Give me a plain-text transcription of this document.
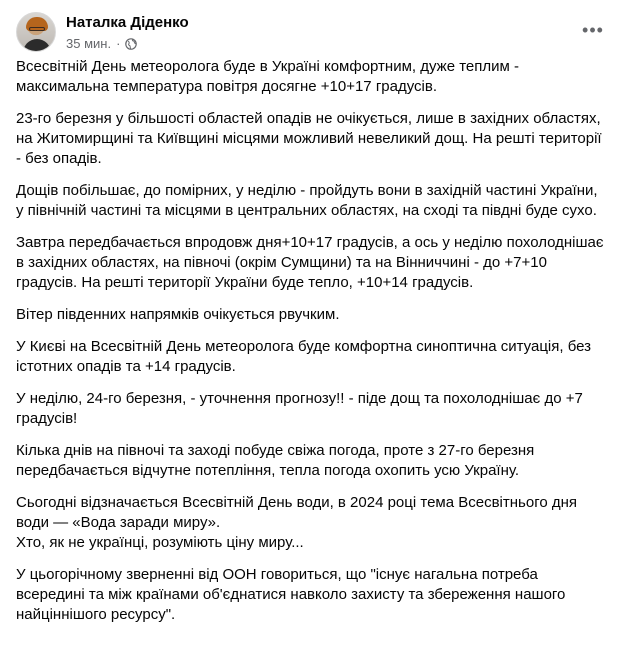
Наталка Діденко
35 мин. ·
•••

Всесвітній День метеоролога буде в Україні комфортним, дуже теплим - максимальна температура повітря досягне +10+17 градусів.

23-го березня у більшості областей опадів не очікується, лише в західних областях, на Житомирщині та Київщині місцями можливий невеликий дощ. На решті території - без опадів.

Дощів побільшає, до помірних, у неділю - пройдуть вони в західній частині України, у північній частині та місцями в центральних областях, на сході та півдні буде сухо.

Завтра передбачається впродовж дня+10+17 градусів, а ось у неділю похолоднішає в західних областях, на півночі (окрім Сумщини) та на Вінниччині - до +7+10 градусів. На решті території України буде тепло, +10+14 градусів.

Вітер південних напрямків очікується рвучким.

У Києві на Всесвітній День метеоролога буде комфортна синоптична ситуація, без істотних опадів та +14 градусів.

У неділю, 24-го березня, - уточнення прогнозу!! - піде дощ та похолоднішає до +7 градусів!

Кілька днів на півночі та заході побуде свіжа погода, проте з 27-го березня передбачається відчутне потепління, тепла погода охопить усю Україну.

Сьогодні відзначається Всесвітній День води, в 2024 році тема Всесвітнього дня води — «Вода заради миру».

Хто, як не українці, розуміють ціну миру...

У цьогорічному зверненні від ООН говориться, що "існує нагальна потреба всередині та між країнами об'єднатися навколо захисту та збереження нашого найціннішого ресурсу".
